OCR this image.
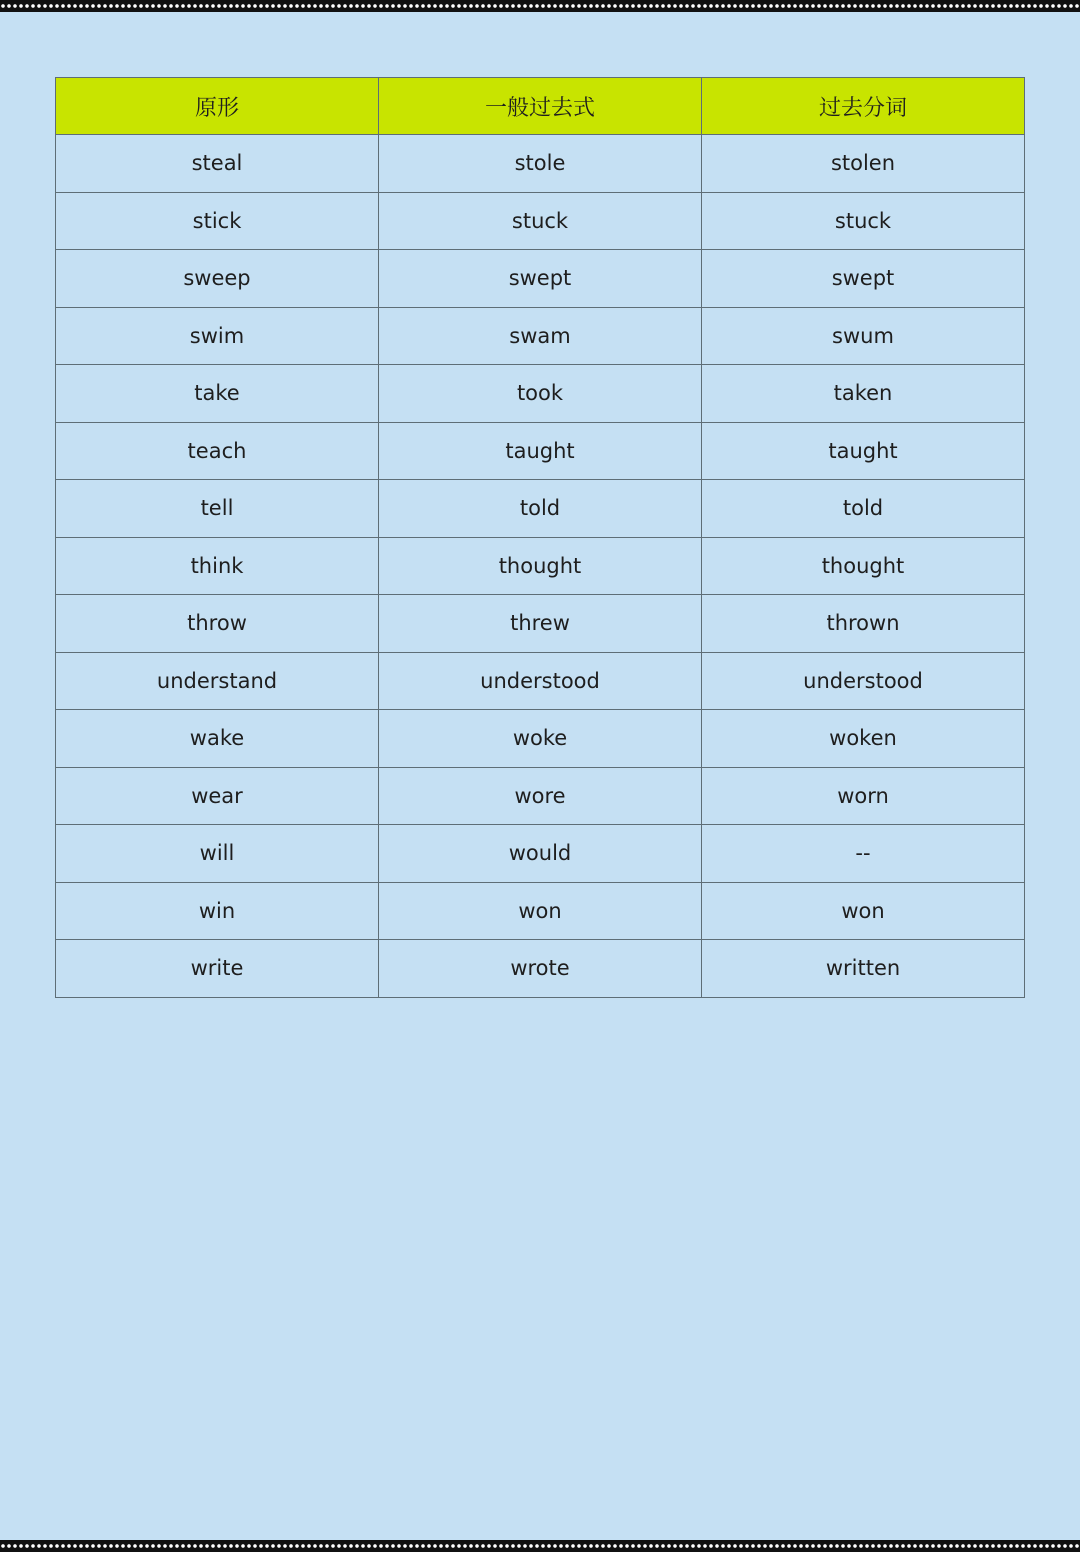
原形	一般过去式	过去分词
steal	stole	stolen
stick	stuck	stuck
sweep	swept	swept
swim	swam	swum
take	took	taken
teach	taught	taught
tell	told	told
think	thought	thought
throw	threw	thrown
understand	understood	understood
wake	woke	woken
wear	wore	worn
will	would	--
win	won	won
write	wrote	written
